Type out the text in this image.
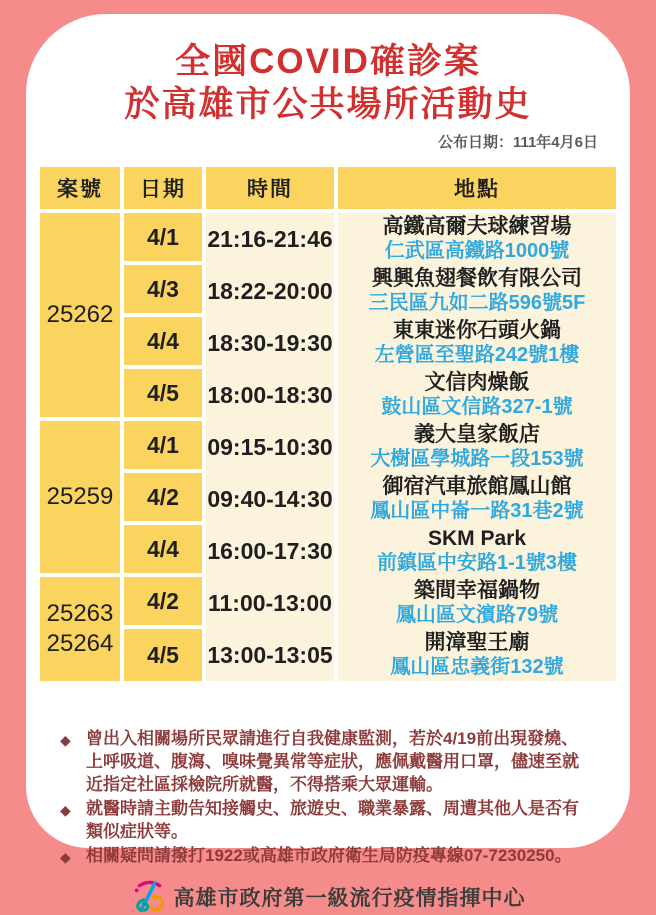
全國COVID確診案
於高雄市公共場所活動史
公布日期：111年4月6日
案號
25262
25259
25263
25264
日期
4/1
4/3
4/4
4/5
4/1
4/2
4/4
4/2
4/5
時間
21:16-21:46
18:22-20:00
18:30-19:30
18:00-18:30
09:15-10:30
09:40-14:30
16:00-17:30
11:00-13:00
13:00-13:05
地點
高鐵高爾夫球練習場
仁武區高鐵路1000號
興興魚翅餐飲有限公司
三民區九如二路596號5F
東東迷你石頭火鍋
左營區至聖路242號1樓
文信肉燥飯
鼓山區文信路327-1號
義大皇家飯店
大樹區學城路一段153號
御宿汽車旅館鳳山館
鳳山區中崙一路31巷2號
SKM Park
前鎮區中安路1-1號3樓
築間幸福鍋物
鳳山區文濱路79號
開漳聖王廟
鳳山區忠義街132號
◆ 曾出入相關場所民眾請進行自我健康監測，若於4/19前出現發燒、上呼吸道、腹瀉、嗅味覺異常等症狀，應佩戴醫用口罩，儘速至就近指定社區採檢院所就醫，不得搭乘大眾運輸。
◆ 就醫時請主動告知接觸史、旅遊史、職業暴露、周遭其他人是否有類似症狀等。
◆ 相關疑問請撥打1922或高雄市政府衛生局防疫專線07-7230250。
高雄市政府第一級流行疫情指揮中心
